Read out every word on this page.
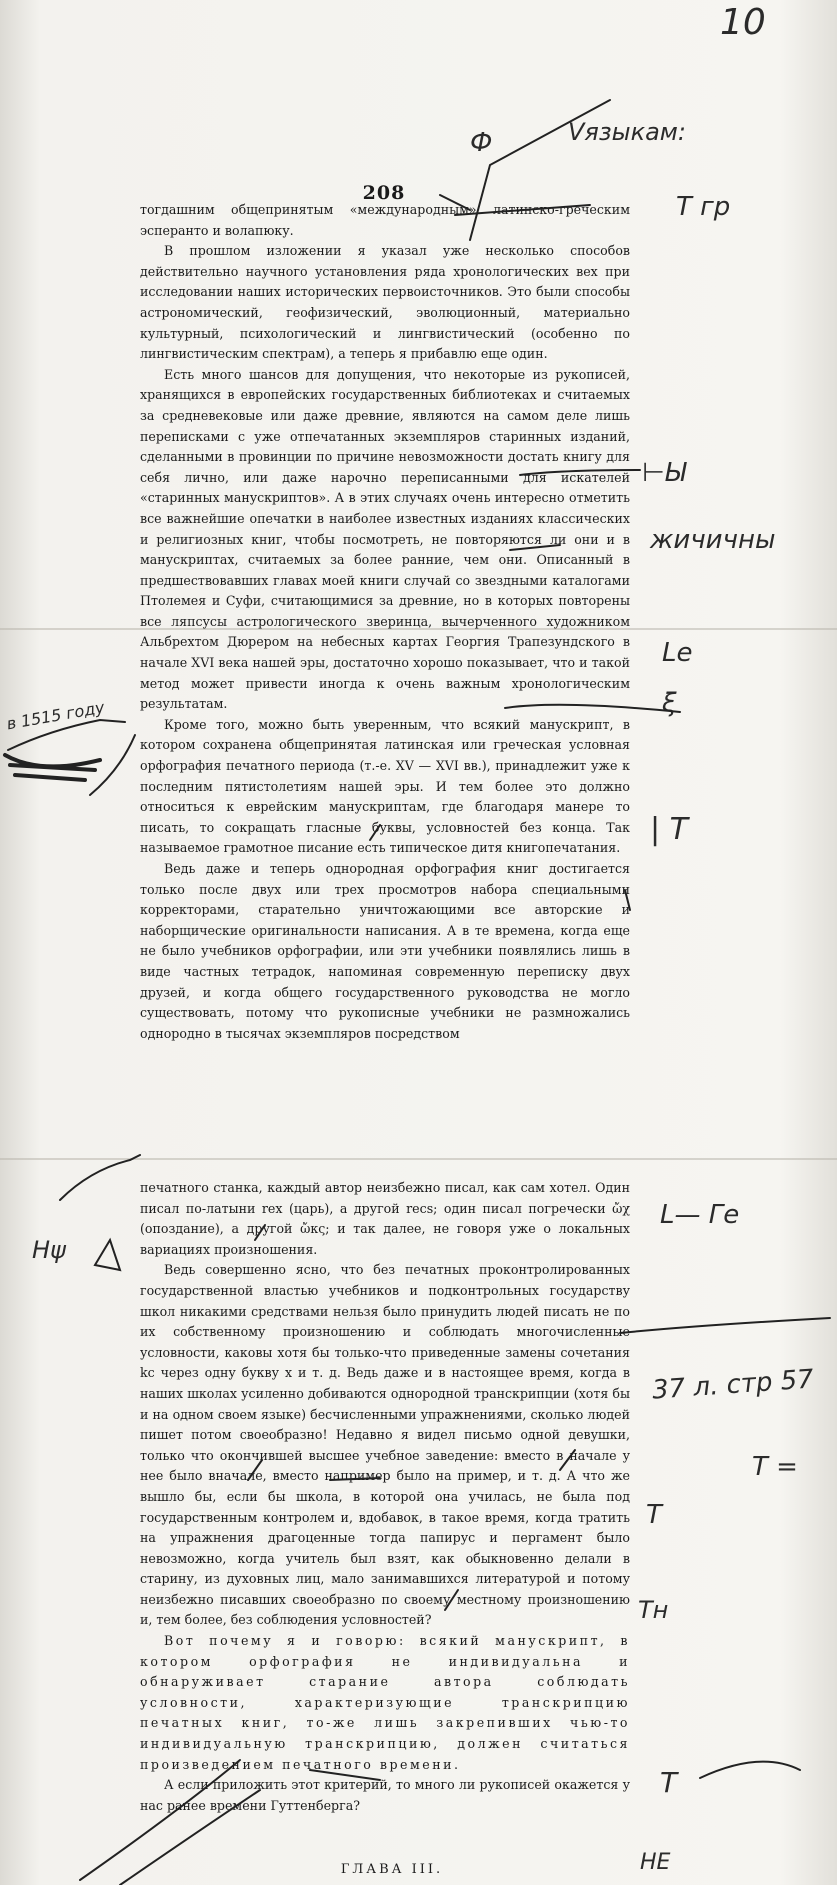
10
208

тогдашним общепринятым «международным» латинско-греческим эсперанто и волапюку.

В прошлом изложении я указал уже несколько способов действительно научного установления ряда хронологических вех при исследовании наших исторических первоисточников. Это были способы астрономический, геофизический, эволюционный, материально культурный, психологический и лингвистический (особенно по лингвистическим спектрам), а теперь я прибавлю еще один.

Есть много шансов для допущения, что некоторые из рукописей, хранящихся в европейских государственных библиотеках и считаемых за средневековые или даже древние, являются на самом деле лишь переписками с уже отпечатанных экземпляров старинных изданий, сделанными в провинции по причине невозможности достать книгу для себя лично, или даже нарочно переписанными для искателей «старинных манускриптов». А в этих случаях очень интересно отметить все важнейшие опечатки в наиболее известных изданиях классических и религиозных книг, чтобы посмотреть, не повторяются ли они и в манускриптах, считаемых за более ранние, чем они. Описанный в предшествовавших главах моей книги случай со звездными каталогами Птолемея и Суфи, считающимися за древние, но в которых повторены все ляпсусы астрологического зверинца, вычерченного художником Альбрехтом Дюрером на небесных картах Георгия Трапезундского в начале XVI века нашей эры, достаточно хорошо показывает, что и такой метод может привести иногда к очень важным хронологическим результатам.

Кроме того, можно быть уверенным, что всякий манускрипт, в котором сохранена общепринятая латинская или греческая условная орфография печатного периода (т.-е. XV — XVI вв.), принадлежит уже к последним пятистолетиям нашей эры. И тем более это должно относиться к еврейским манускриптам, где благодаря манере то писать, то сокращать гласные буквы, условностей без конца. Так называемое грамотное писание есть типическое дитя книгопечатания.

Ведь даже и теперь однородная орфография книг достигается только после двух или трех просмотров набора специальными корректорами, старательно уничтожающими все авторские и наборщические оригинальности написания. А в те времена, когда еще не было учебников орфографии, или эти учебники появлялись лишь в виде частных тетрадок, напоминая современную переписку двух друзей, и когда общего государственного руководства не могло существовать, потому что рукописные учебники не размножались однородно в тысячах экземпляров посредством

печатного станка, каждый автор неизбежно писал, как сам хотел. Один писал по-латыни rex (царь), а другой recs; один писал погречески ὤχ (опоздание), а другой ὤκς; и так далее, не говоря уже о локальных вариациях произношения.

Ведь совершенно ясно, что без печатных проконтролированных государственной властью учебников и подконтрольных государству школ никакими средствами нельзя было принудить людей писать не по их собственному произношению и соблюдать многочисленные условности, каковы хотя бы только-что приведенные замены сочетания kc через одну букву x и т. д. Ведь даже и в настоящее время, когда в наших школах усиленно добиваются однородной транскрипции (хотя бы и на одном своем языке) бесчисленными упражнениями, сколько людей пишет потом своеобразно! Недавно я видел письмо одной девушки, только что окончившей высшее учебное заведение: вместо в начале у нее было вначале, вместо например было на пример, и т. д. А что же вышло бы, если бы школа, в которой она училась, не была под государственным контролем и, вдобавок, в такое время, когда тратить на упражнения драгоценные тогда папирус и пергамент было невозможно, когда учитель был взят, как обыкновенно делали в старину, из духовных лиц, мало занимавшихся литературой и потому неизбежно писавших своеобразно по своему местному произношению и, тем более, без соблюдения условностей?

Вот почему я и говорю: всякий манускрипт, в котором орфография не индивидуальна и обнаруживает старание автора соблюдать условности, характеризующие транскрипцию печатных книг, то-же лишь закрепивших чью-то индивидуальную транскрипцию, должен считаться произведением печатного времени.

А если приложить этот критерий, то много ли рукописей окажется у нас ранее времени Гуттенберга?

ГЛАВА III.
Vязыкам:
Ф
Т гр
⊢Ы
жичичны
Le
ξ
в 1515 году
| T
L— Ге
Нψ
37 л. стр 57
T =
T
Тн
T
НЕ
